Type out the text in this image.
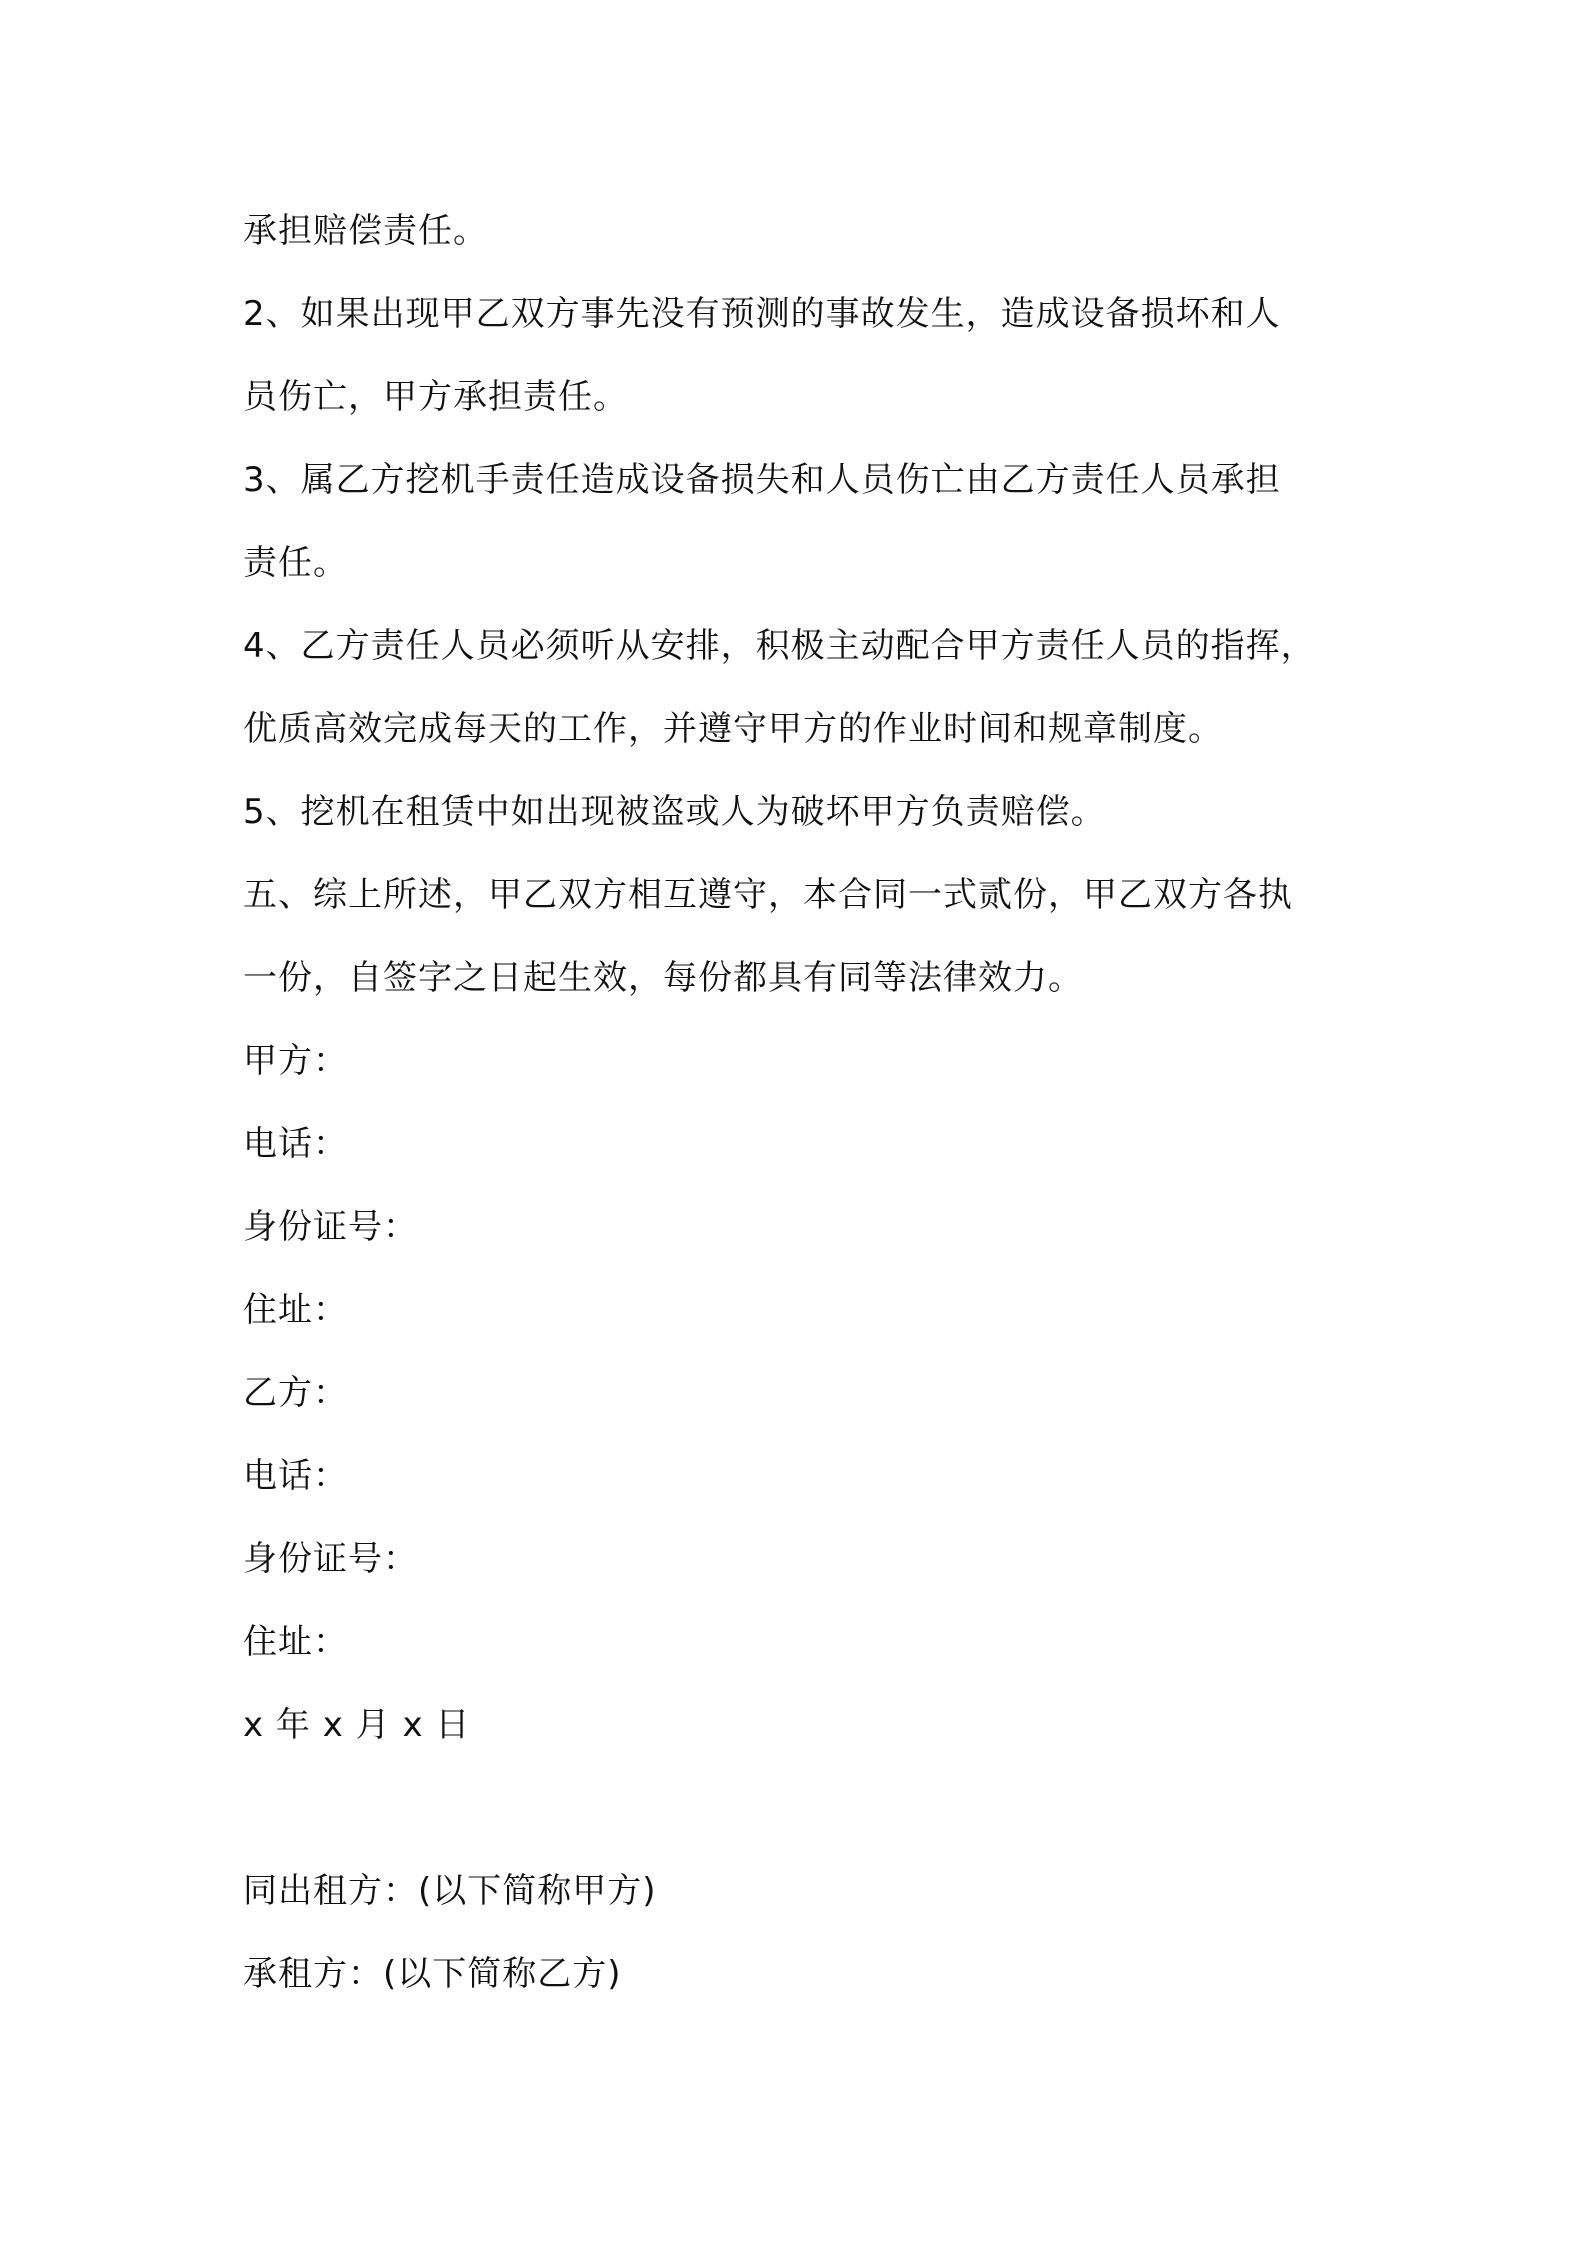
承担赔偿责任。
2、如果出现甲乙双方事先没有预测的事故发生，造成设备损坏和人
员伤亡，甲方承担责任。
3、属乙方挖机手责任造成设备损失和人员伤亡由乙方责任人员承担
责任。
4、乙方责任人员必须听从安排，积极主动配合甲方责任人员的指挥，
优质高效完成每天的工作，并遵守甲方的作业时间和规章制度。
5、挖机在租赁中如出现被盗或人为破坏甲方负责赔偿。
五、综上所述，甲乙双方相互遵守，本合同一式贰份，甲乙双方各执
一份，自签字之日起生效，每份都具有同等法律效力。
甲方：
电话：
身份证号：
住址：
乙方：
电话：
身份证号：
住址：
x 年 x 月 x 日
同出租方：(以下简称甲方)
承租方：(以下简称乙方)
